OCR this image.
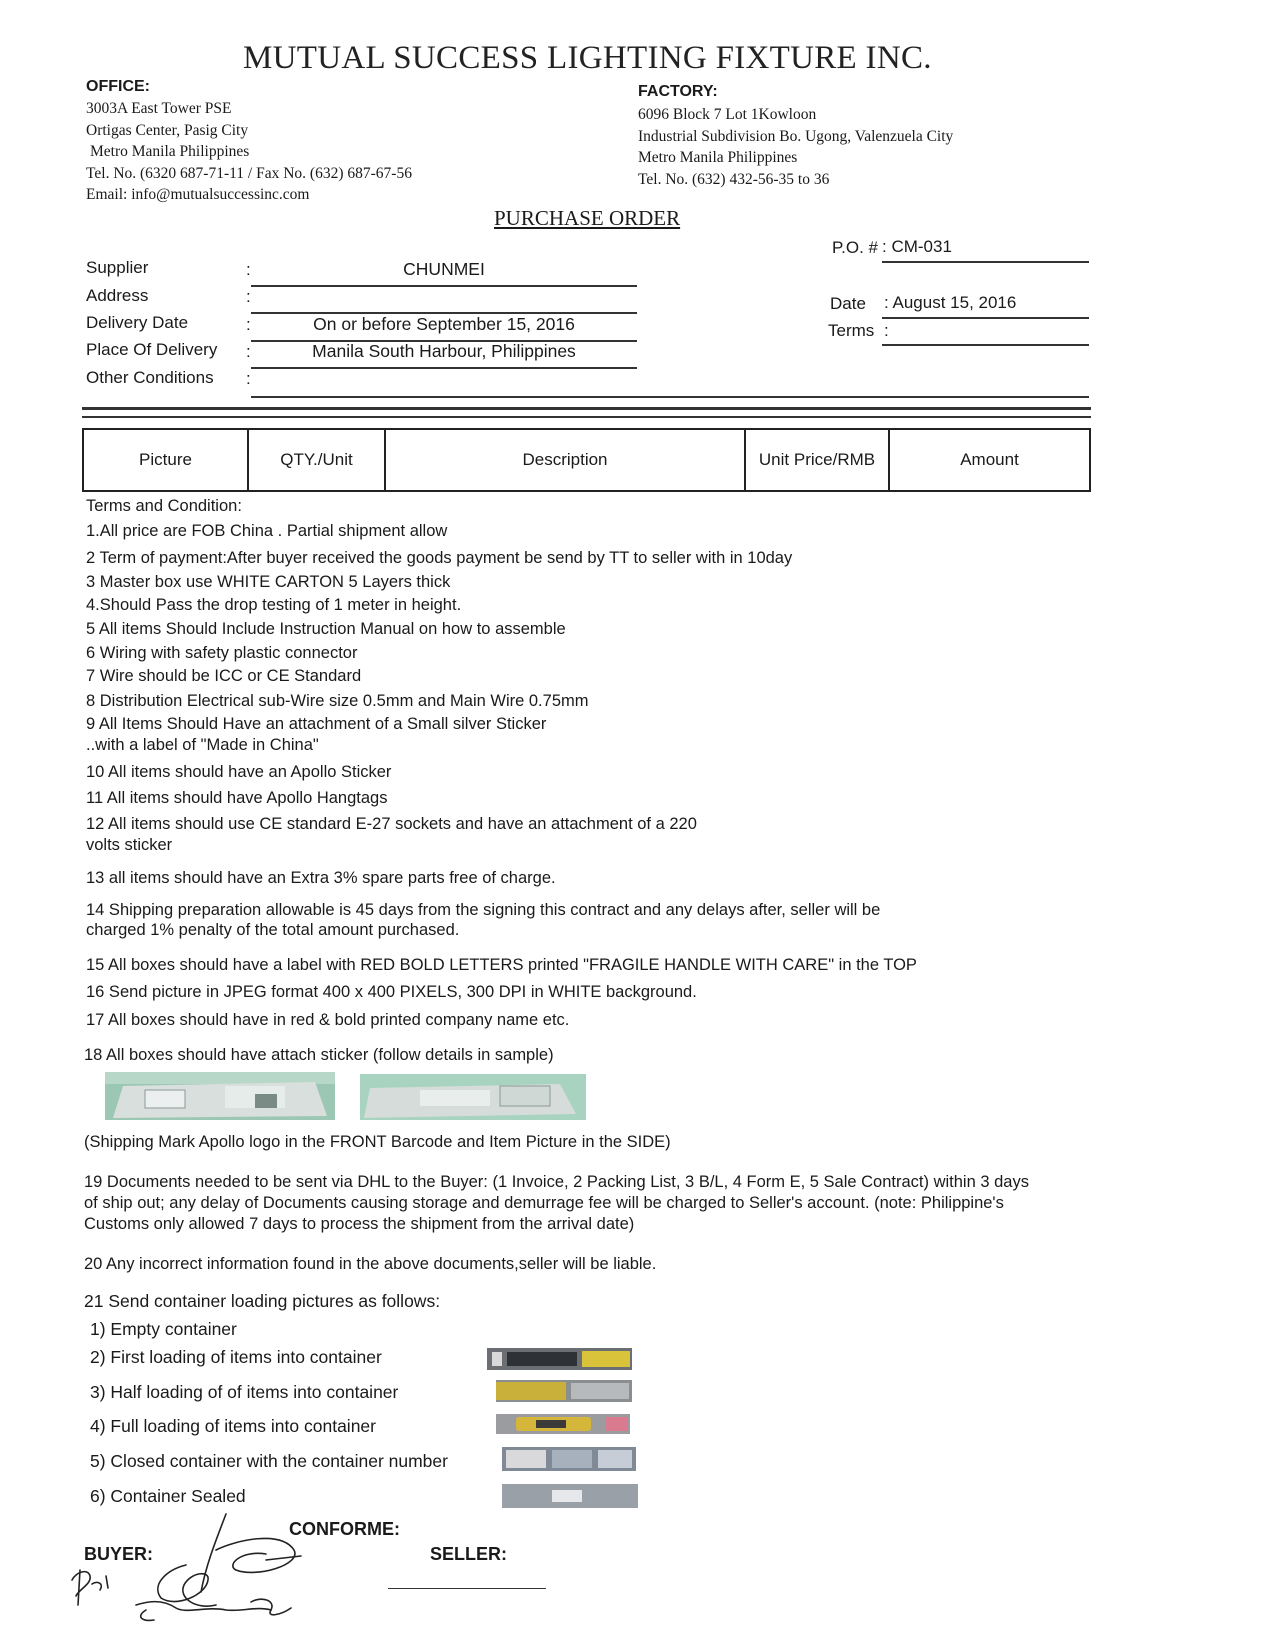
MUTUAL SUCCESS LIGHTING FIXTURE INC.
OFFICE:
3003A East Tower PSE
Ortigas Center, Pasig City
Metro Manila Philippines
Tel. No. (6320 687-71-11 / Fax No. (632) 687-67-56
Email: info@mutualsuccessinc.com
FACTORY:
6096 Block 7 Lot 1Kowloon
Industrial Subdivision Bo. Ugong, Valenzuela City
Metro Manila Philippines
Tel. No. (632) 432-56-35 to 36
PURCHASE ORDER
P.O. # : CM-031
Date : August 15, 2016
Terms :
Supplier	:	CHUNMEI
Address	:
Delivery Date	:	On or before September 15, 2016
Place Of Delivery :	Manila South Harbour, Philippines
Other Conditions :
Picture	QTY./Unit	Description	Unit Price/RMB	Amount
Terms and Condition:
1.All price are FOB China . Partial shipment allow
2 Term of payment:After buyer received the goods payment be send by TT to seller with in 10day
3 Master box use WHITE CARTON 5 Layers thick
4.Should Pass the drop testing of 1 meter in height.
5 All items Should Include Instruction Manual on how to assemble
6 Wiring with safety plastic connector
7 Wire should be ICC or CE Standard
8 Distribution Electrical sub-Wire size 0.5mm and Main Wire 0.75mm
9 All Items Should Have an attachment of a Small silver Sticker
..with a label of "Made in China"
10 All items should have an Apollo Sticker
11 All items should have Apollo Hangtags
12 All items should use CE standard E-27 sockets and have an attachment of a 220
volts sticker
13 all items should have an Extra 3% spare parts free of charge.
14 Shipping preparation allowable is 45 days from the signing this contract and any delays after, seller will be
charged 1% penalty of the total amount purchased.
15 All boxes should have a label with RED BOLD LETTERS printed "FRAGILE HANDLE WITH CARE" in the TOP
16 Send picture in JPEG format 400 x 400 PIXELS, 300 DPI in WHITE background.
17 All boxes should have in red & bold printed company name etc.
18 All boxes should have attach sticker (follow details in sample)
(Shipping Mark Apollo logo in the FRONT Barcode and Item Picture in the SIDE)
19 Documents needed to be sent via DHL to the Buyer: (1 Invoice, 2 Packing List, 3 B/L, 4 Form E, 5 Sale Contract) within 3 days
of ship out; any delay of Documents causing storage and demurrage fee will be charged to Seller's account. (note: Philippine's
Customs only allowed 7 days to process the shipment from the arrival date)
20 Any incorrect information found in the above documents,seller will be liable.
21 Send container loading pictures as follows:
1) Empty container
2) First loading of items into container
3) Half loading of of items into container
4) Full loading of items into container
5) Closed container with the container number
6) Container Sealed
CONFORME:
BUYER:	SELLER:
